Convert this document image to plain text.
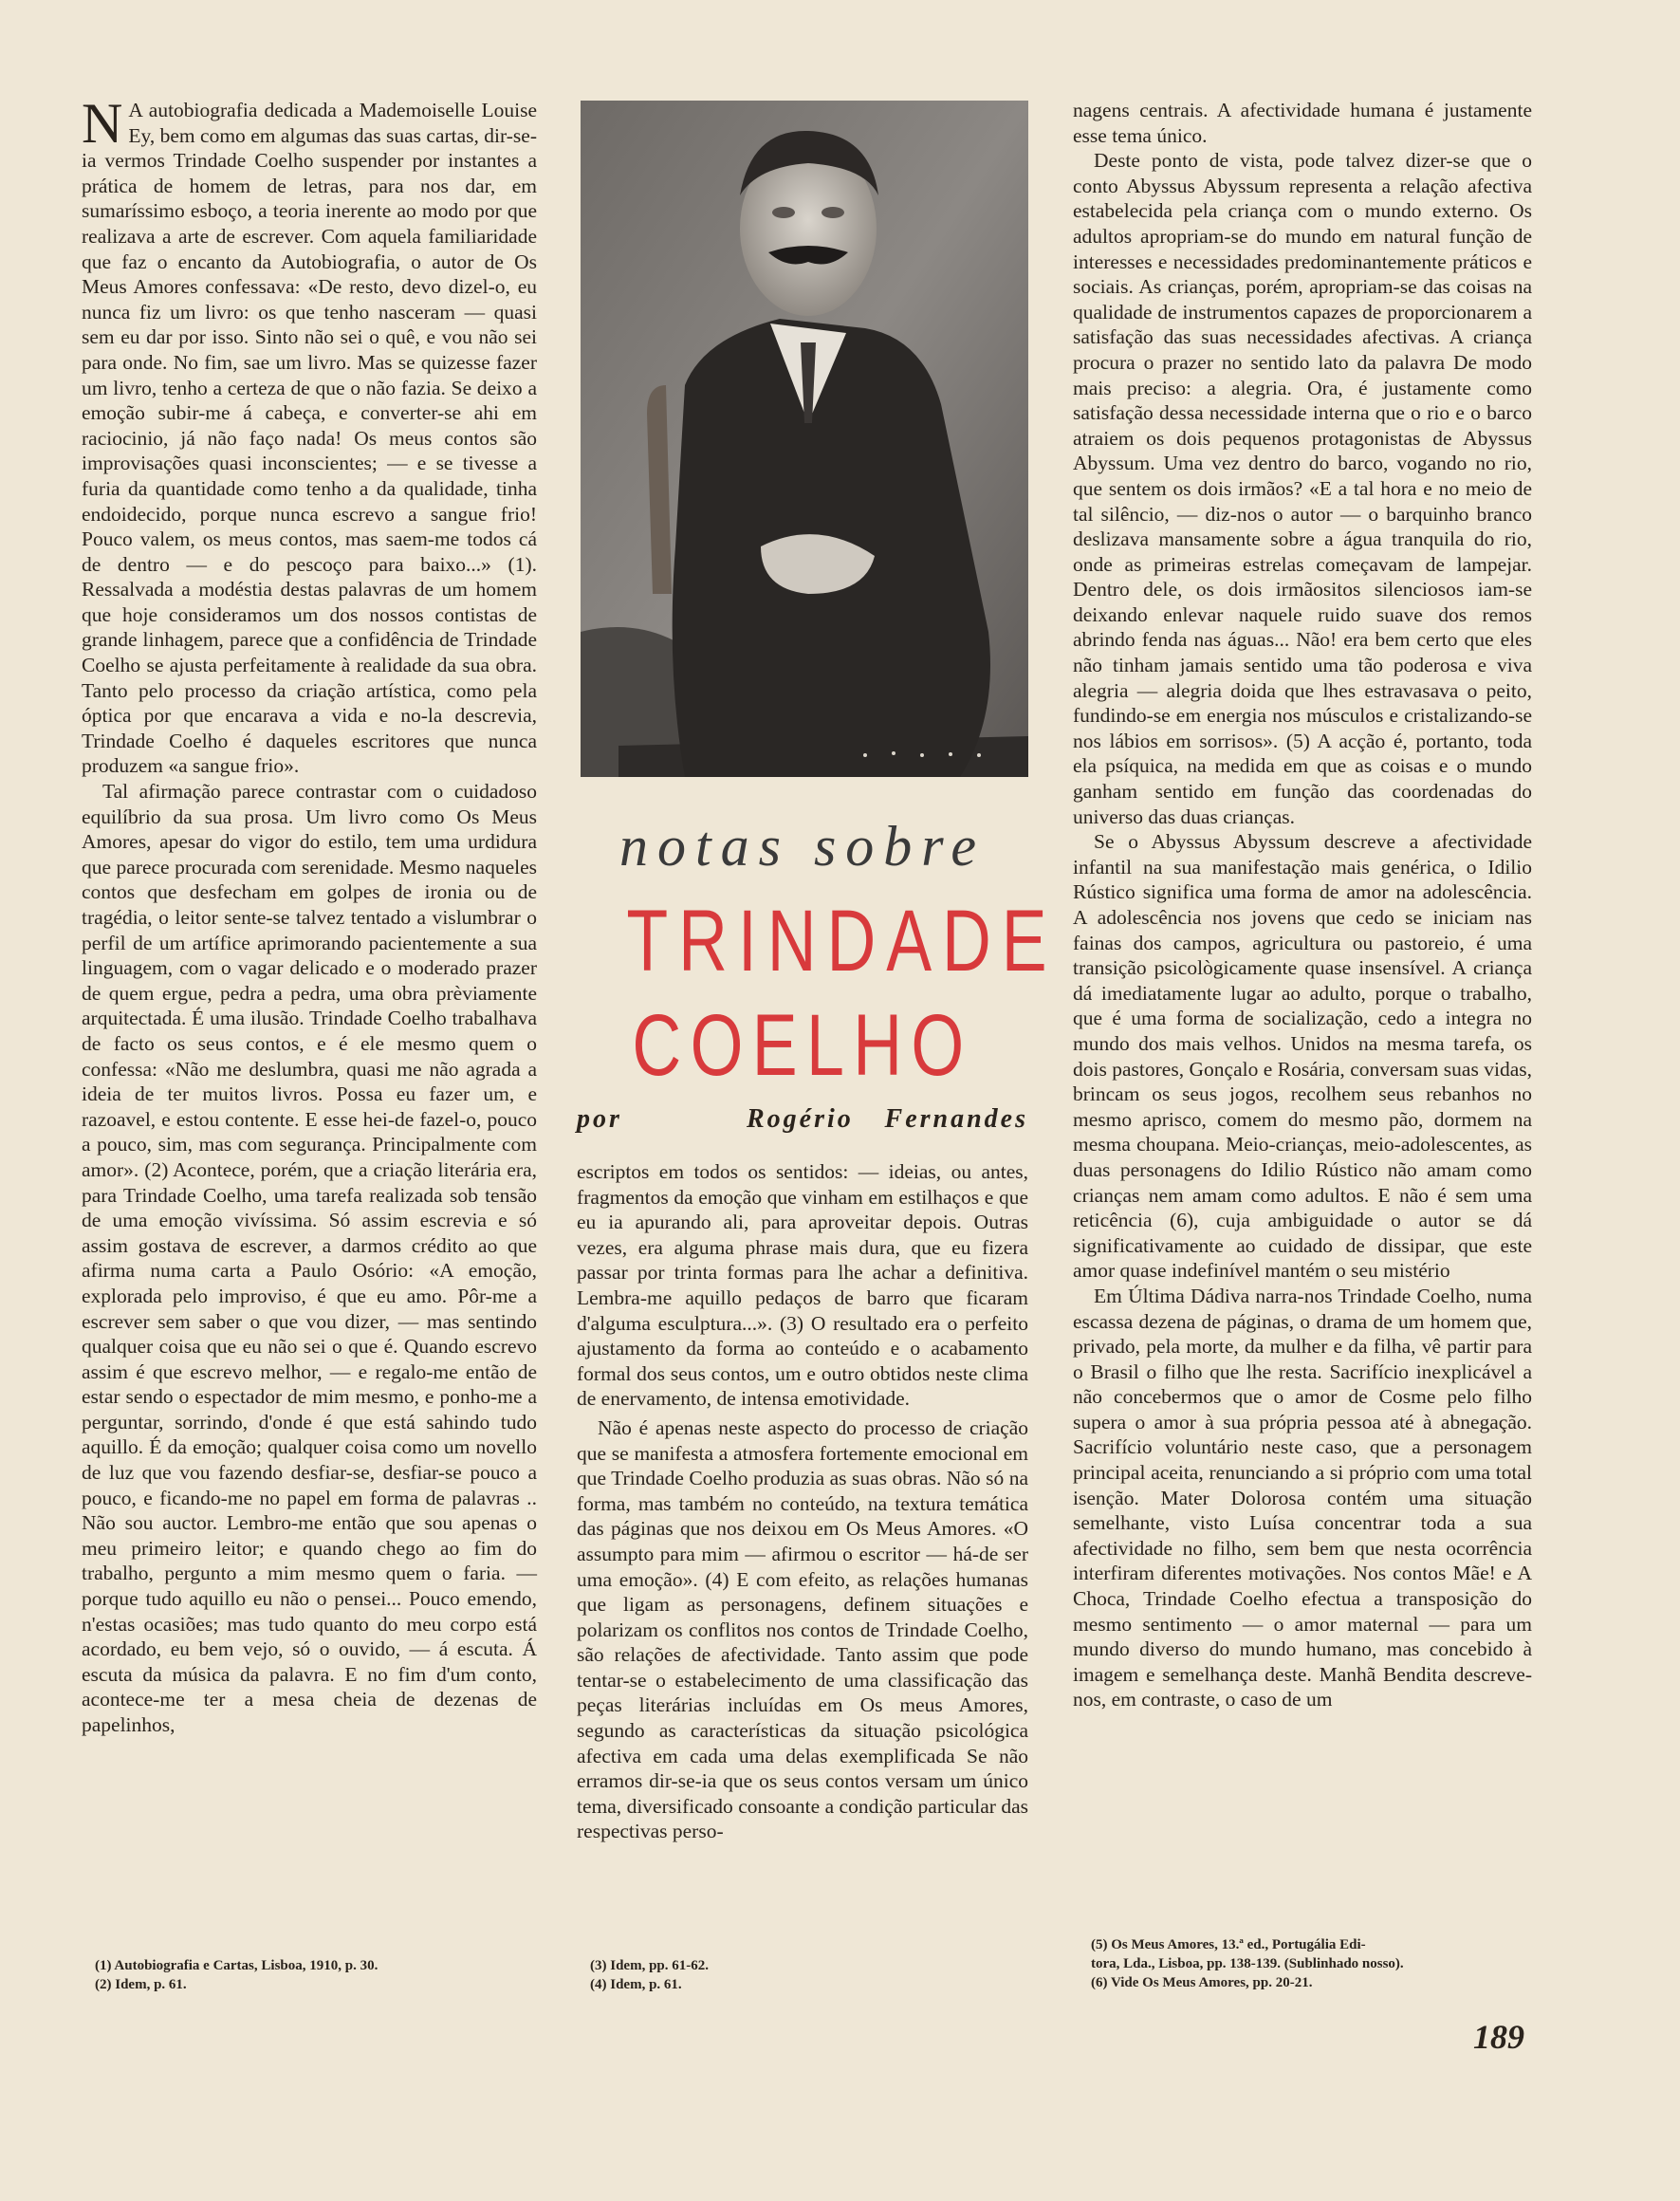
N A autobiografia dedicada a Mademoiselle Louise Ey, bem como em algumas das suas cartas, dir-se-ia vermos Trindade Coelho suspender por instantes a prática de homem de letras, para nos dar, em sumaríssimo esboço, a teoria inerente ao modo por que realizava a arte de escrever. Com aquela familiaridade que faz o encanto da Autobiografia, o autor de Os Meus Amores confessava: «De resto, devo dizel-o, eu nunca fiz um livro: os que tenho nasceram — quasi sem eu dar por isso. Sinto não sei o quê, e vou não sei para onde. No fim, sae um livro. Mas se quizesse fazer um livro, tenho a certeza de que o não fazia. Se deixo a emoção subir-me á cabeça, e converter-se ahi em raciocinio, já não faço nada! Os meus contos são improvisações quasi inconscientes; — e se tivesse a furia da quantidade como tenho a da qualidade, tinha endoidecido, porque nunca escrevo a sangue frio! Pouco valem, os meus contos, mas saem-me todos cá de dentro — e do pescoço para baixo...» (1). Ressalvada a modéstia destas palavras de um homem que hoje consideramos um dos nossos contistas de grande linhagem, parece que a confidência de Trindade Coelho se ajusta perfeitamente à realidade da sua obra. Tanto pelo processo da criação artística, como pela óptica por que encarava a vida e no-la descrevia, Trindade Coelho é daqueles escritores que nunca produzem «a sangue frio».

Tal afirmação parece contrastar com o cuidadoso equilíbrio da sua prosa. Um livro como Os Meus Amores, apesar do vigor do estilo, tem uma urdidura que parece procurada com serenidade. Mesmo naqueles contos que desfecham em golpes de ironia ou de tragédia, o leitor sente-se talvez tentado a vislumbrar o perfil de um artífice aprimorando pacientemente a sua linguagem, com o vagar delicado e o moderado prazer de quem ergue, pedra a pedra, uma obra prèviamente arquitectada. É uma ilusão. Trindade Coelho trabalhava de facto os seus contos, e é ele mesmo quem o confessa: «Não me deslumbra, quasi me não agrada a ideia de ter muitos livros. Possa eu fazer um, e razoavel, e estou contente. E esse hei-de fazel-o, pouco a pouco, sim, mas com segurança. Principalmente com amor». (2) Acontece, porém, que a criação literária era, para Trindade Coelho, uma tarefa realizada sob tensão de uma emoção vivíssima. Só assim escrevia e só assim gostava de escrever, a darmos crédito ao que afirma numa carta a Paulo Osório: «A emoção, explorada pelo improviso, é que eu amo. Pôr-me a escrever sem saber o que vou dizer, — mas sentindo qualquer coisa que eu não sei o que é. Quando escrevo assim é que escrevo melhor, — e regalo-me então de estar sendo o espectador de mim mesmo, e ponho-me a perguntar, sorrindo, d'onde é que está sahindo tudo aquillo. É da emoção; qualquer coisa como um novello de luz que vou fazendo desfiar-se, desfiar-se pouco a pouco, e ficando-me no papel em forma de palavras .. Não sou auctor. Lembro-me então que sou apenas o meu primeiro leitor; e quando chego ao fim do trabalho, pergunto a mim mesmo quem o faria. — porque tudo aquillo eu não o pensei... Pouco emendo, n'estas ocasiões; mas tudo quanto do meu corpo está acordado, eu bem vejo, só o ouvido, — á escuta. Á escuta da música da palavra. E no fim d'um conto, acontece-me ter a mesa cheia de dezenas de papelinhos,

notas sobre
TRINDADE
COELHO
por	Rogério Fernandes

escriptos em todos os sentidos: — ideias, ou antes, fragmentos da emoção que vinham em estilhaços e que eu ia apurando ali, para aproveitar depois. Outras vezes, era alguma phrase mais dura, que eu fizera passar por trinta formas para lhe achar a definitiva. Lembra-me aquillo pedaços de barro que ficaram d'alguma esculptura...». (3) O resultado era o perfeito ajustamento da forma ao conteúdo e o acabamento formal dos seus contos, um e outro obtidos neste clima de enervamento, de intensa emotividade.

Não é apenas neste aspecto do processo de criação que se manifesta a atmosfera fortemente emocional em que Trindade Coelho produzia as suas obras. Não só na forma, mas também no conteúdo, na textura temática das páginas que nos deixou em Os Meus Amores. «O assumpto para mim — afirmou o escritor — há-de ser uma emoção». (4) E com efeito, as relações humanas que ligam as personagens, definem situações e polarizam os conflitos nos contos de Trindade Coelho, são relações de afectividade. Tanto assim que pode tentar-se o estabelecimento de uma classificação das peças literárias incluídas em Os meus Amores, segundo as características da situação psicológica afectiva em cada uma delas exemplificada Se não erramos dir-se-ia que os seus contos versam um único tema, diversificado consoante a condição particular das respectivas perso-

nagens centrais. A afectividade humana é justamente esse tema único.

Deste ponto de vista, pode talvez dizer-se que o conto Abyssus Abyssum representa a relação afectiva estabelecida pela criança com o mundo externo. Os adultos apropriam-se do mundo em natural função de interesses e necessidades predominantemente práticos e sociais. As crianças, porém, apropriam-se das coisas na qualidade de instrumentos capazes de proporcionarem a satisfação das suas necessidades afectivas. A criança procura o prazer no sentido lato da palavra De modo mais preciso: a alegria. Ora, é justamente como satisfação dessa necessidade interna que o rio e o barco atraiem os dois pequenos protagonistas de Abyssus Abyssum. Uma vez dentro do barco, vogando no rio, que sentem os dois irmãos? «E a tal hora e no meio de tal silêncio, — diz-nos o autor — o barquinho branco deslizava mansamente sobre a água tranquila do rio, onde as primeiras estrelas começavam de lampejar. Dentro dele, os dois irmãositos silenciosos iam-se deixando enlevar naquele ruido suave dos remos abrindo fenda nas águas... Não! era bem certo que eles não tinham jamais sentido uma tão poderosa e viva alegria — alegria doida que lhes estravasava o peito, fundindo-se em energia nos músculos e cristalizando-se nos lábios em sorrisos». (5) A acção é, portanto, toda ela psíquica, na medida em que as coisas e o mundo ganham sentido em função das coordenadas do universo das duas crianças.

Se o Abyssus Abyssum descreve a afectividade infantil na sua manifestação mais genérica, o Idilio Rústico significa uma forma de amor na adolescência. A adolescência nos jovens que cedo se iniciam nas fainas dos campos, agricultura ou pastoreio, é uma transição psicològicamente quase insensível. A criança dá imediatamente lugar ao adulto, porque o trabalho, que é uma forma de socialização, cedo a integra no mundo dos mais velhos. Unidos na mesma tarefa, os dois pastores, Gonçalo e Rosária, conversam suas vidas, brincam os seus jogos, recolhem seus rebanhos no mesmo aprisco, comem do mesmo pão, dormem na mesma choupana. Meio-crianças, meio-adolescentes, as duas personagens do Idilio Rústico não amam como crianças nem amam como adultos. E não é sem uma reticência (6), cuja ambiguidade o autor se dá significativamente ao cuidado de dissipar, que este amor quase indefinível mantém o seu mistério

Em Última Dádiva narra-nos Trindade Coelho, numa escassa dezena de páginas, o drama de um homem que, privado, pela morte, da mulher e da filha, vê partir para o Brasil o filho que lhe resta. Sacrifício inexplicável a não concebermos que o amor de Cosme pelo filho supera o amor à sua própria pessoa até à abnegação. Sacrifício voluntário neste caso, que a personagem principal aceita, renunciando a si próprio com uma total isenção. Mater Dolorosa contém uma situação semelhante, visto Luísa concentrar toda a sua afectividade no filho, sem bem que nesta ocorrência interfiram diferentes motivações. Nos contos Mãe! e A Choca, Trindade Coelho efectua a transposição do mesmo sentimento — o amor maternal — para um mundo diverso do mundo humano, mas concebido à imagem e semelhança deste. Manhã Bendita descreve-nos, em contraste, o caso de um

(1) Autobiografia e Cartas, Lisboa, 1910, p. 30.
(2) Idem, p. 61.
(3) Idem, pp. 61-62.
(4) Idem, p. 61.
(5) Os Meus Amores, 13.ª ed., Portugália Edi-
tora, Lda., Lisboa, pp. 138-139. (Sublinhado nosso).
(6) Vide Os Meus Amores, pp. 20-21.
189
